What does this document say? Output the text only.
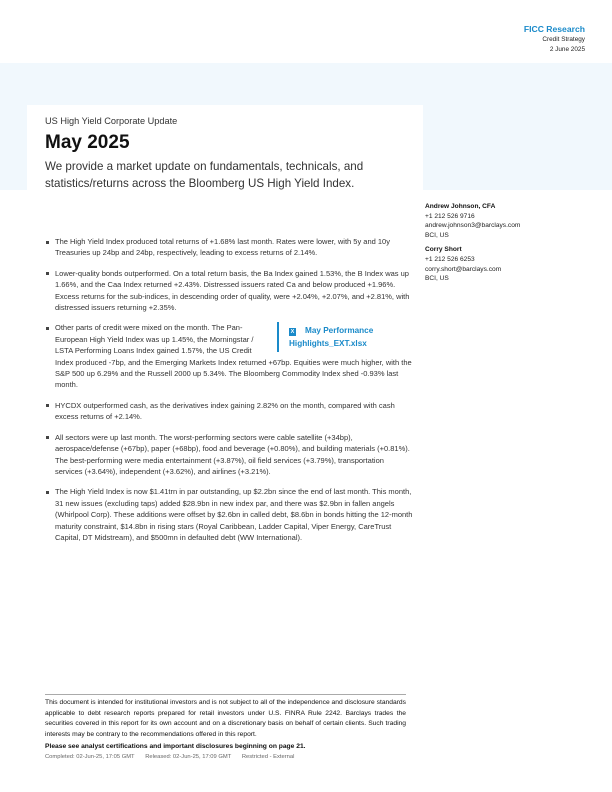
FICC Research
Credit Strategy
2 June 2025
US High Yield Corporate Update
May 2025
We provide a market update on fundamentals, technicals, and statistics/returns across the Bloomberg US High Yield Index.
Andrew Johnson, CFA
+1 212 526 9716
andrew.johnson3@barclays.com
BCI, US
Corry Short
+1 212 526 6253
corry.short@barclays.com
BCI, US
The High Yield Index produced total returns of +1.68% last month. Rates were lower, with 5y and 10y Treasuries up 24bp and 24bp, respectively, leading to excess returns of 2.14%.
Lower-quality bonds outperformed. On a total return basis, the Ba Index gained 1.53%, the B Index was up 1.66%, and the Caa Index returned +2.43%. Distressed issuers rated Ca and below produced +1.96%. Excess returns for the sub-indices, in descending order of quality, were +2.04%, +2.07%, and +2.81%, with distressed issuers returning +2.35%.
X May Performance Highlights_EXT.xlsx
Other parts of credit were mixed on the month. The Pan-European High Yield Index was up 1.45%, the Morningstar / LSTA Performing Loans Index gained 1.57%, the US Credit Index produced -7bp, and the Emerging Markets Index returned +67bp. Equities were much higher, with the S&P 500 up 6.29% and the Russell 2000 up 5.34%. The Bloomberg Commodity Index shed -0.93% last month.
HYCDX outperformed cash, as the derivatives index gaining 2.82% on the month, compared with cash excess returns of +2.14%.
All sectors were up last month. The worst-performing sectors were cable satellite (+34bp), aerospace/defense (+67bp), paper (+68bp), food and beverage (+0.80%), and building materials (+0.81%). The best-performing were media entertainment (+3.87%), oil field services (+3.79%), transportation services (+3.64%), independent (+3.62%), and airlines (+3.21%).
The High Yield Index is now $1.41trn in par outstanding, up $2.2bn since the end of last month. This month, 31 new issues (excluding taps) added $28.9bn in new index par, and there was $2.9bn in fallen angels (Whirlpool Corp). These additions were offset by $2.6bn in called debt, $8.6bn in bonds hitting the 12-month maturity constraint, $14.8bn in rising stars (Royal Caribbean, Ladder Capital, Viper Energy, CareTrust Capital, DT Midstream), and $500mn in defaulted debt (WW International).
This document is intended for institutional investors and is not subject to all of the independence and disclosure standards applicable to debt research reports prepared for retail investors under U.S. FINRA Rule 2242. Barclays trades the securities covered in this report for its own account and on a discretionary basis on behalf of certain clients. Such trading interests may be contrary to the recommendations offered in this report.
Please see analyst certifications and important disclosures beginning on page 21.
Completed: 02-Jun-25, 17:05 GMT Released: 02-Jun-25, 17:09 GMT Restricted - External
